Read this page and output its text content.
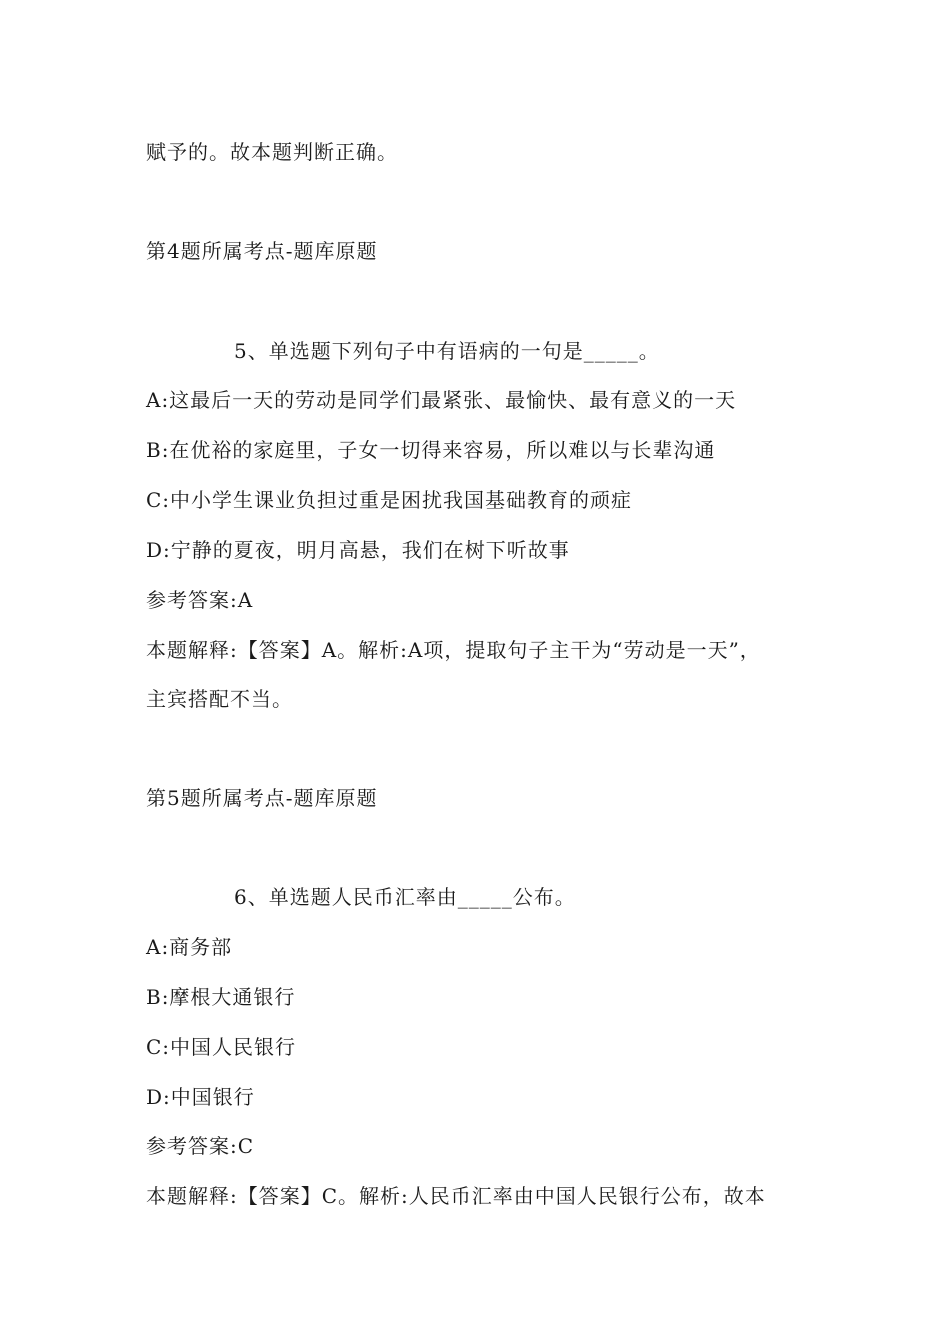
赋予的。故本题判断正确。
第4题所属考点-题库原题
5、单选题下列句子中有语病的一句是_____。
A:这最后一天的劳动是同学们最紧张、最愉快、最有意义的一天
B:在优裕的家庭里，子女一切得来容易，所以难以与长辈沟通
C:中小学生课业负担过重是困扰我国基础教育的顽症
D:宁静的夏夜，明月高悬，我们在树下听故事
参考答案:A
本题解释:【答案】A。解析:A项，提取句子主干为“劳动是一天”，
主宾搭配不当。
第5题所属考点-题库原题
6、单选题人民币汇率由_____公布。
A:商务部
B:摩根大通银行
C:中国人民银行
D:中国银行
参考答案:C
本题解释:【答案】C。解析:人民币汇率由中国人民银行公布，故本
